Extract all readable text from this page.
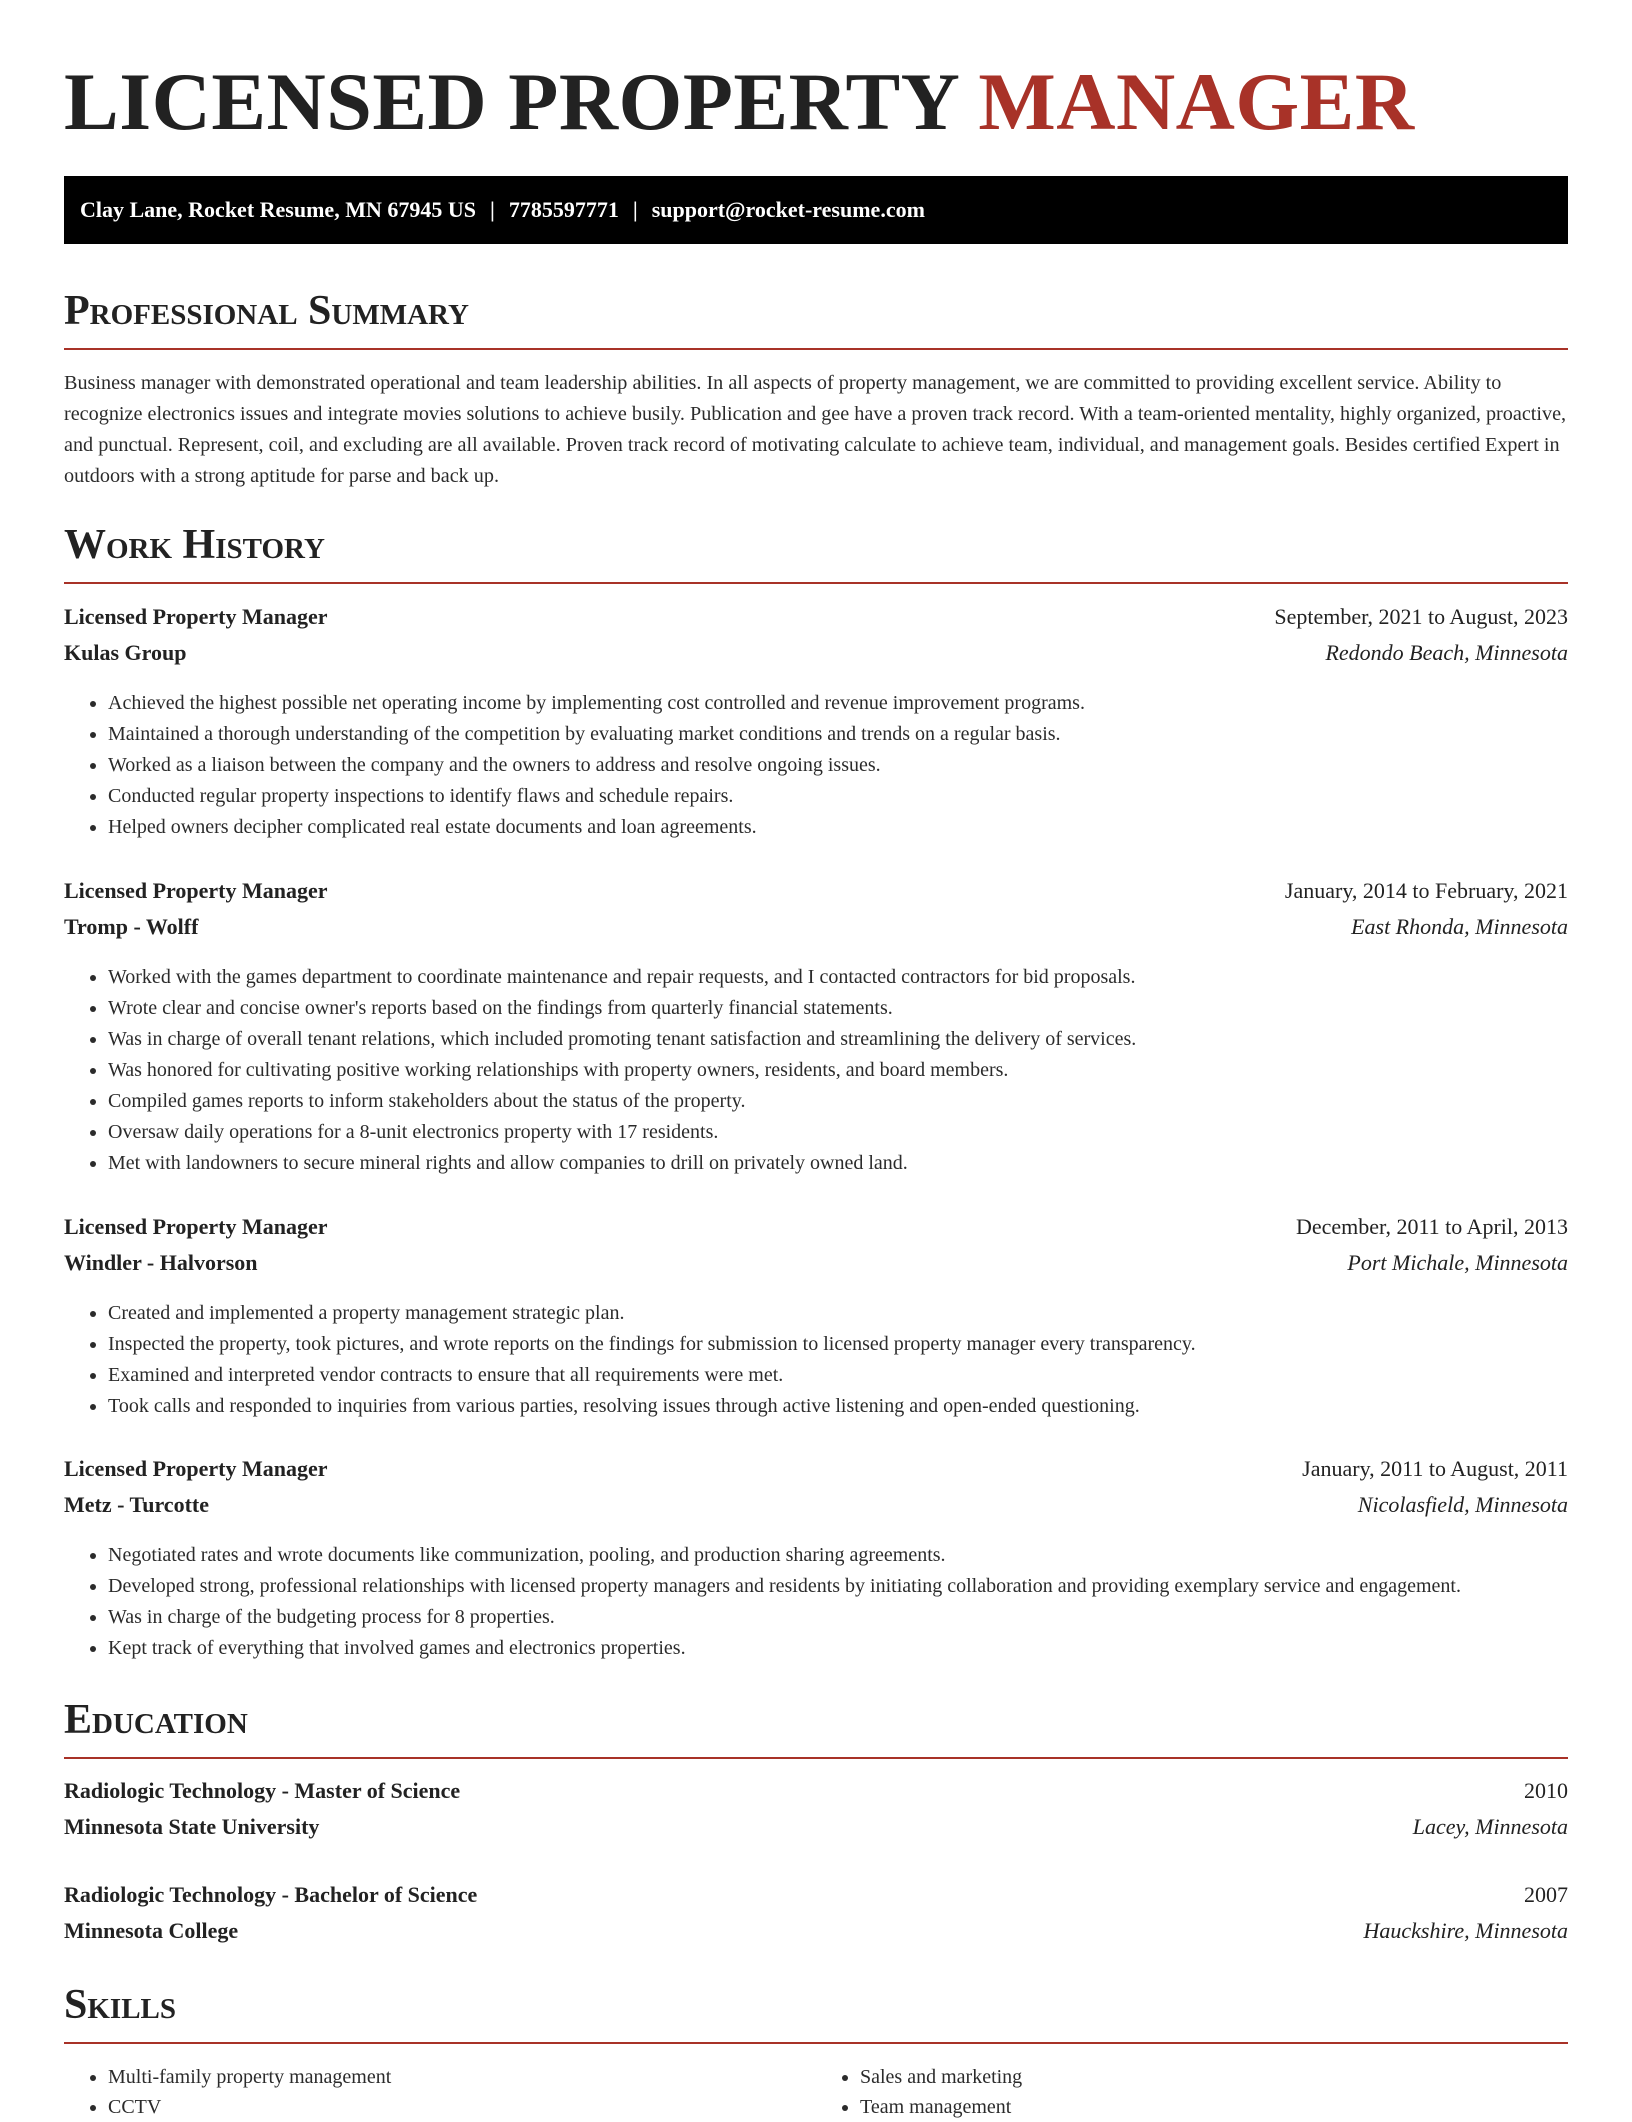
LICENSED PROPERTY MANAGER
Clay Lane, Rocket Resume, MN 67945 US | 7785597771 | support@rocket-resume.com
Professional Summary

Business manager with demonstrated operational and team leadership abilities. In all aspects of property management, we are committed to providing excellent service. Ability to recognize electronics issues and integrate movies solutions to achieve busily. Publication and gee have a proven track record. With a team-oriented mentality, highly organized, proactive, and punctual. Represent, coil, and excluding are all available. Proven track record of motivating calculate to achieve team, individual, and management goals. Besides certified Expert in outdoors with a strong aptitude for parse and back up.

Work History
Licensed Property Manager	September, 2021 to August, 2023
Kulas Group	Redondo Beach, Minnesota
• Achieved the highest possible net operating income by implementing cost controlled and revenue improvement programs.
• Maintained a thorough understanding of the competition by evaluating market conditions and trends on a regular basis.
• Worked as a liaison between the company and the owners to address and resolve ongoing issues.
• Conducted regular property inspections to identify flaws and schedule repairs.
• Helped owners decipher complicated real estate documents and loan agreements.
Licensed Property Manager	January, 2014 to February, 2021
Tromp - Wolff	East Rhonda, Minnesota
• Worked with the games department to coordinate maintenance and repair requests, and I contacted contractors for bid proposals.
• Wrote clear and concise owner's reports based on the findings from quarterly financial statements.
• Was in charge of overall tenant relations, which included promoting tenant satisfaction and streamlining the delivery of services.
• Was honored for cultivating positive working relationships with property owners, residents, and board members.
• Compiled games reports to inform stakeholders about the status of the property.
• Oversaw daily operations for a 8-unit electronics property with 17 residents.
• Met with landowners to secure mineral rights and allow companies to drill on privately owned land.
Licensed Property Manager	December, 2011 to April, 2013
Windler - Halvorson	Port Michale, Minnesota
• Created and implemented a property management strategic plan.
• Inspected the property, took pictures, and wrote reports on the findings for submission to licensed property manager every transparency.
• Examined and interpreted vendor contracts to ensure that all requirements were met.
• Took calls and responded to inquiries from various parties, resolving issues through active listening and open-ended questioning.
Licensed Property Manager	January, 2011 to August, 2011
Metz - Turcotte	Nicolasfield, Minnesota
• Negotiated rates and wrote documents like communization, pooling, and production sharing agreements.
• Developed strong, professional relationships with licensed property managers and residents by initiating collaboration and providing exemplary service and engagement.
• Was in charge of the budgeting process for 8 properties.
• Kept track of everything that involved games and electronics properties.
Education
Radiologic Technology - Master of Science	2010
Minnesota State University	Lacey, Minnesota
Radiologic Technology - Bachelor of Science	2007
Minnesota College	Hauckshire, Minnesota
Skills
• Multi-family property management
• CCTV
• Sales and marketing
• Team management
